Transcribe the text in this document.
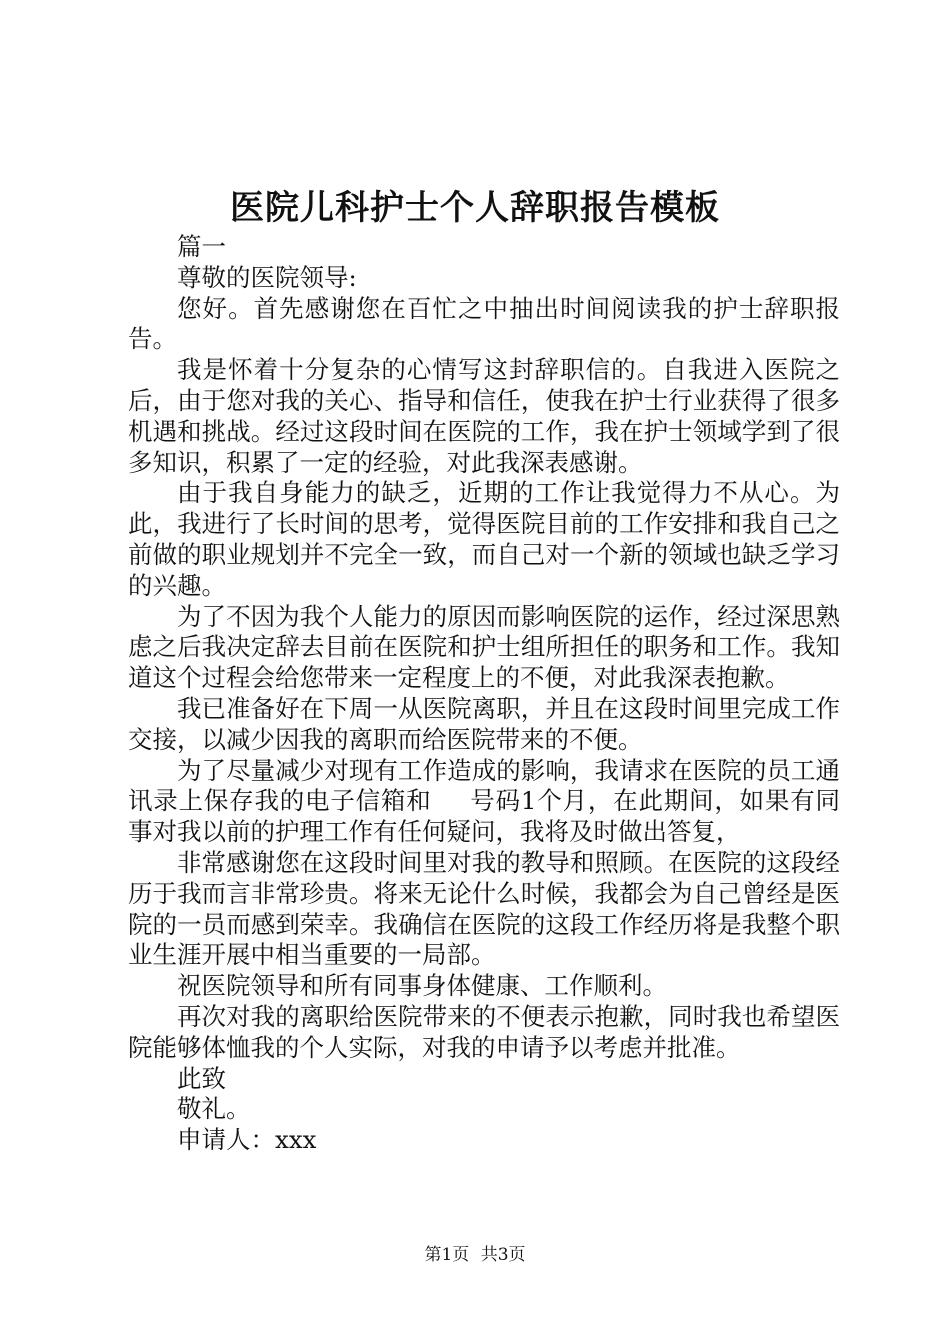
医院儿科护士个人辞职报告模板

篇一

尊敬的医院领导:

您好。首先感谢您在百忙之中抽出时间阅读我的护士辞职报告。

我是怀着十分复杂的心情写这封辞职信的。自我进入医院之后，由于您对我的关心、指导和信任，使我在护士行业获得了很多机遇和挑战。经过这段时间在医院的工作，我在护士领域学到了很多知识，积累了一定的经验，对此我深表感谢。

由于我自身能力的缺乏，近期的工作让我觉得力不从心。为此，我进行了长时间的思考，觉得医院目前的工作安排和我自己之前做的职业规划并不完全一致，而自己对一个新的领域也缺乏学习的兴趣。

为了不因为我个人能力的原因而影响医院的运作，经过深思熟虑之后我决定辞去目前在医院和护士组所担任的职务和工作。我知道这个过程会给您带来一定程度上的不便，对此我深表抱歉。

我已准备好在下周一从医院离职，并且在这段时间里完成工作交接，以减少因我的离职而给医院带来的不便。

为了尽量减少对现有工作造成的影响，我请求在医院的员工通讯录上保存我的电子信箱和 号码1个月，在此期间，如果有同事对我以前的护理工作有任何疑问，我将及时做出答复，

非常感谢您在这段时间里对我的教导和照顾。在医院的这段经历于我而言非常珍贵。将来无论什么时候，我都会为自己曾经是医院的一员而感到荣幸。我确信在医院的这段工作经历将是我整个职业生涯开展中相当重要的一局部。

祝医院领导和所有同事身体健康、工作顺利。

再次对我的离职给医院带来的不便表示抱歉，同时我也希望医院能够体恤我的个人实际，对我的申请予以考虑并批准。

此致

敬礼。

申请人：xxx

第1页 共3页
